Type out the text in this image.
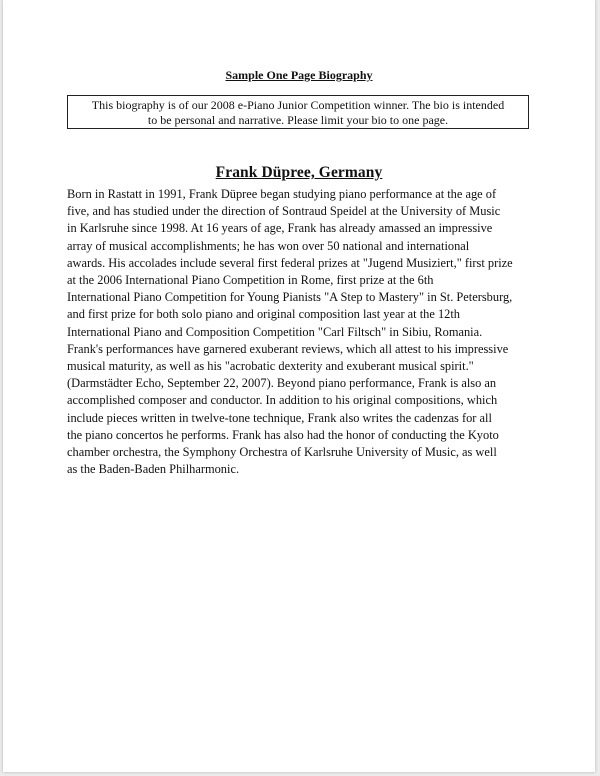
Sample One Page Biography

This biography is of our 2008 e-Piano Junior Competition winner. The bio is intended
to be personal and narrative. Please limit your bio to one page.

Frank Düpree, Germany

Born in Rastatt in 1991, Frank Düpree began studying piano performance at the age of
five, and has studied under the direction of Sontraud Speidel at the University of Music
in Karlsruhe since 1998. At 16 years of age, Frank has already amassed an impressive
array of musical accomplishments; he has won over 50 national and international
awards. His accolades include several first federal prizes at "Jugend Musiziert," first prize
at the 2006 International Piano Competition in Rome, first prize at the 6th
International Piano Competition for Young Pianists "A Step to Mastery" in St. Petersburg,
and first prize for both solo piano and original composition last year at the 12th
International Piano and Composition Competition "Carl Filtsch" in Sibiu, Romania.
Frank's performances have garnered exuberant reviews, which all attest to his impressive
musical maturity, as well as his "acrobatic dexterity and exuberant musical spirit."
(Darmstädter Echo, September 22, 2007). Beyond piano performance, Frank is also an
accomplished composer and conductor. In addition to his original compositions, which
include pieces written in twelve-tone technique, Frank also writes the cadenzas for all
the piano concertos he performs. Frank has also had the honor of conducting the Kyoto
chamber orchestra, the Symphony Orchestra of Karlsruhe University of Music, as well
as the Baden-Baden Philharmonic.
